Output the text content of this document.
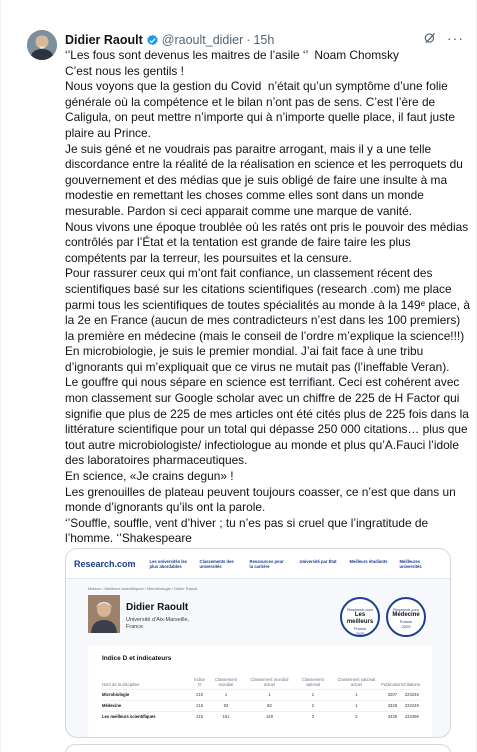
Didier Raoult @raoult_didier · 15h	···

‘’Les fous sont devenus les maitres de l’asile ‘’  Noam Chomsky

C’est nous les gentils !

Nous voyons que la gestion du Covid  n’était qu’un symptôme d’une folie générale où la compétence et le bilan n’ont pas de sens. C’est l’ère de Caligula, on peut mettre n’importe qui à n’importe quelle place, il faut juste plaire au Prince.

Je suis géné et ne voudrais pas paraitre arrogant, mais il y a une telle discordance entre la réalité de la réalisation en science et les perroquets du gouvernement et des médias que je suis obligé de faire une insulte à ma modestie en remettant les choses comme elles sont dans un monde mesurable. Pardon si ceci apparait comme une marque de vanité.

Nous vivons une époque troublée où les ratés ont pris le pouvoir des médias contrôlés par l’État et la tentation est grande de faire taire les plus compétents par la terreur, les poursuites et la censure.

Pour rassurer ceux qui m’ont fait confiance, un classement récent des scientifiques basé sur les citations scientifiques (research .com) me place parmi tous les scientifiques de toutes spécialités au monde à la 149ᵉ place, à la 2e en France (aucun de mes contradicteurs n’est dans les 100 premiers) la première en médecine (mais le conseil de l’ordre m’explique la science!!!)

En microbiologie, je suis le premier mondial. J’ai fait face à une tribu d’ignorants qui m’expliquait que ce virus ne mutait pas (l’ineffable Veran).

Le gouffre qui nous sépare en science est terrifiant. Ceci est cohérent avec mon classement sur Google scholar avec un chiffre de 225 de H Factor qui signifie que plus de 225 de mes articles ont été cités plus de 225 fois dans la littérature scientifique pour un total qui dépasse 250 000 citations… plus que tout autre microbiologiste/ infectiologue au monde et plus qu’A.Fauci l’idole des laboratoires pharmaceutiques.

En science, «Je crains degun» !

Les grenouilles de plateau peuvent toujours coasser, ce n’est que dans un monde d’ignorants qu’ils ont la parole.

‘’Souffle, souffle, vent d’hiver ; tu n’es pas si cruel que l’ingratitude de l’homme. ‘’Shakespeare

Research.com	Les universités les plus abordables
Classements des universités
Ressources pour la carrière
Université par État	Meilleurs étudiants	Meilleures universités
Maison › Meilleurs scientifiques › Microbiologie › Didier Raoult
Didier Raoult
Université d'Aix-Marseille, France
Research.com
Les meilleurs
France
2025
Research.com
Médecine
France
2025
Indice D et indicateurs
Nom de la discipline	Indice D	Classement mondial	Classement mondial actuel	Classement national	Classement national actuel	Publications	Citations
Microbiologie	210	1	1	1	1	3207	223245
Médecine	215	92	83	2	1	3328	232249
Les meilleurs scientifiques	215	161	149	3	2	3439	233496
